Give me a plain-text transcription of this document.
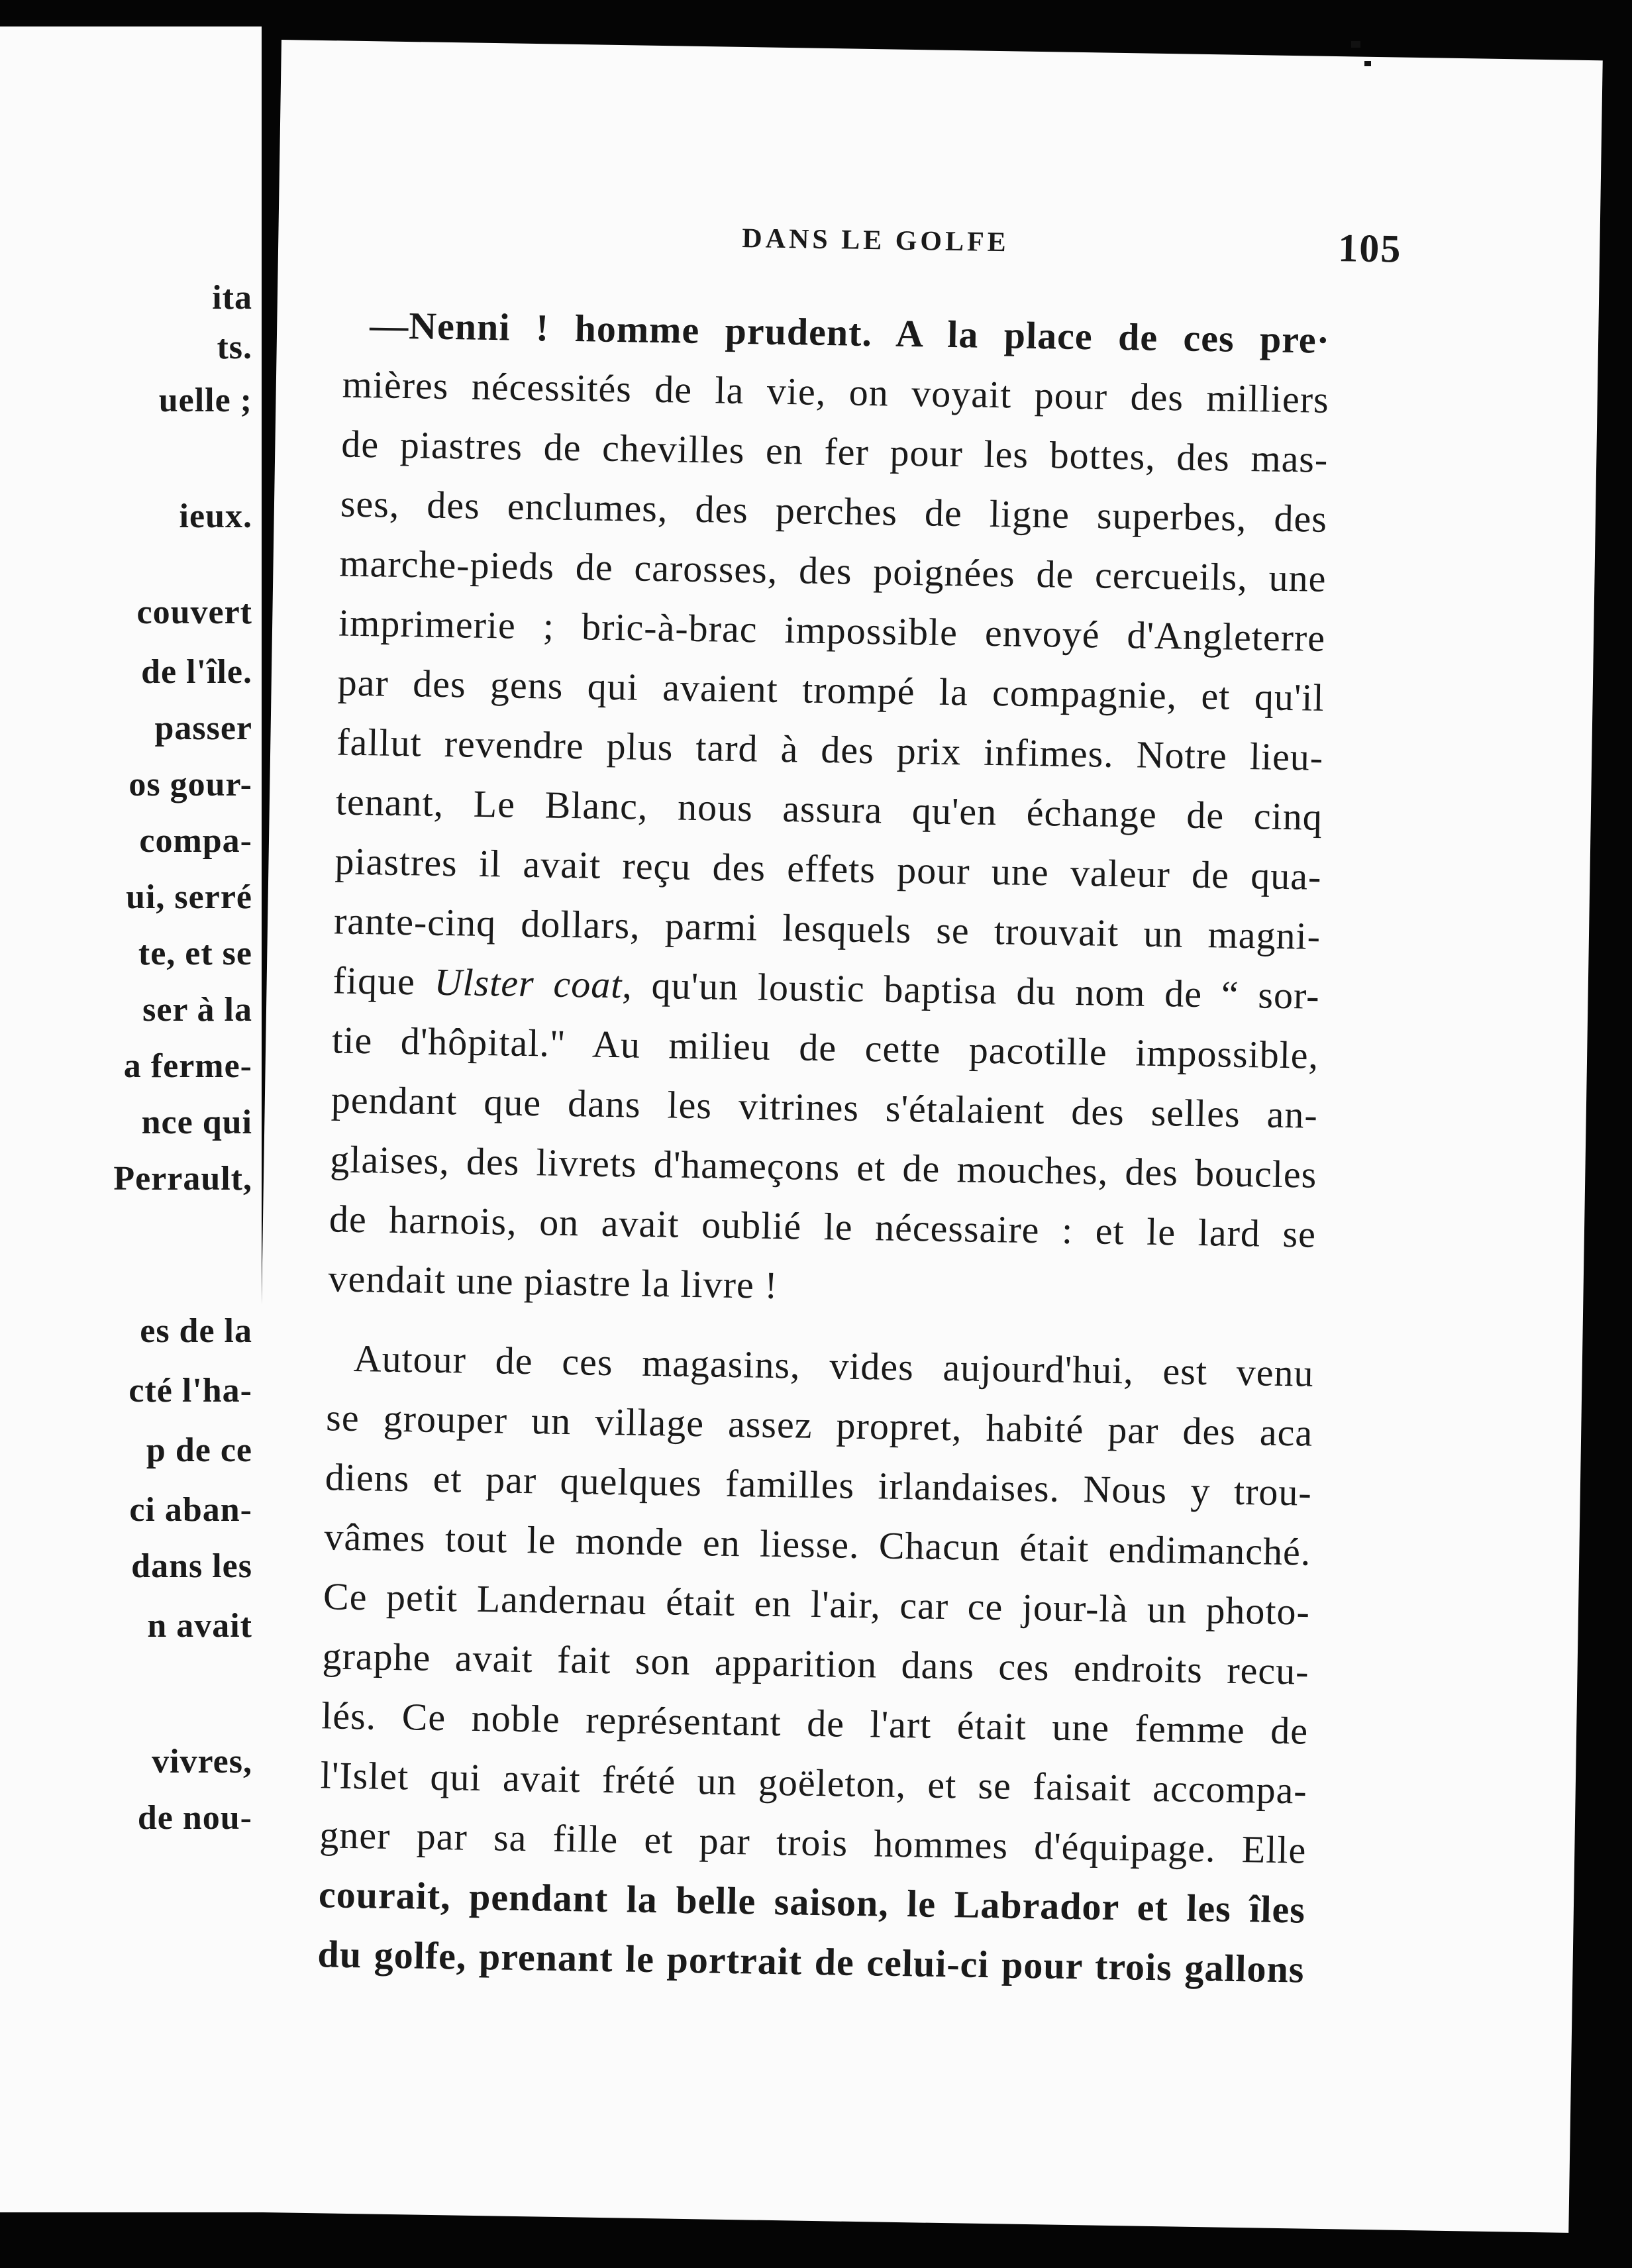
ita
ts.
uelle ;
ieux.
couvert
de l'île.
passer
os gour-
compa-
ui, serré
te, et se
ser à la
a ferme-
nce qui
Perrault,
es de la
cté l'ha-
p de ce
ci aban-
dans les
n avait
vivres,
de nou-
DANS LE GOLFE	105
—Nenni ! homme prudent. A la place de ces pre·
mières nécessités de la vie, on voyait pour des milliers
de piastres de chevilles en fer pour les bottes, des mas-
ses, des enclumes, des perches de ligne superbes, des
marche-pieds de carosses, des poignées de cercueils, une
imprimerie ; bric-à-brac impossible envoyé d'Angleterre
par des gens qui avaient trompé la compagnie, et qu'il
fallut revendre plus tard à des prix infimes. Notre lieu-
tenant, Le Blanc, nous assura qu'en échange de cinq
piastres il avait reçu des effets pour une valeur de qua-
rante-cinq dollars, parmi lesquels se trouvait un magni-
fique Ulster coat, qu'un loustic baptisa du nom de “ sor-
tie d'hôpital." Au milieu de cette pacotille impossible,
pendant que dans les vitrines s'étalaient des selles an-
glaises, des livrets d'hameçons et de mouches, des boucles
de harnois, on avait oublié le nécessaire : et le lard se
vendait une piastre la livre !
Autour de ces magasins, vides aujourd'hui, est venu
se grouper un village assez propret, habité par des aca
diens et par quelques familles irlandaises. Nous y trou-
vâmes tout le monde en liesse. Chacun était endimanché.
Ce petit Landernau était en l'air, car ce jour-là un photo-
graphe avait fait son apparition dans ces endroits recu-
lés. Ce noble représentant de l'art était une femme de
l'Islet qui avait frété un goëleton, et se faisait accompa-
gner par sa fille et par trois hommes d'équipage. Elle
courait, pendant la belle saison, le Labrador et les îles
du golfe, prenant le portrait de celui-ci pour trois gallons
